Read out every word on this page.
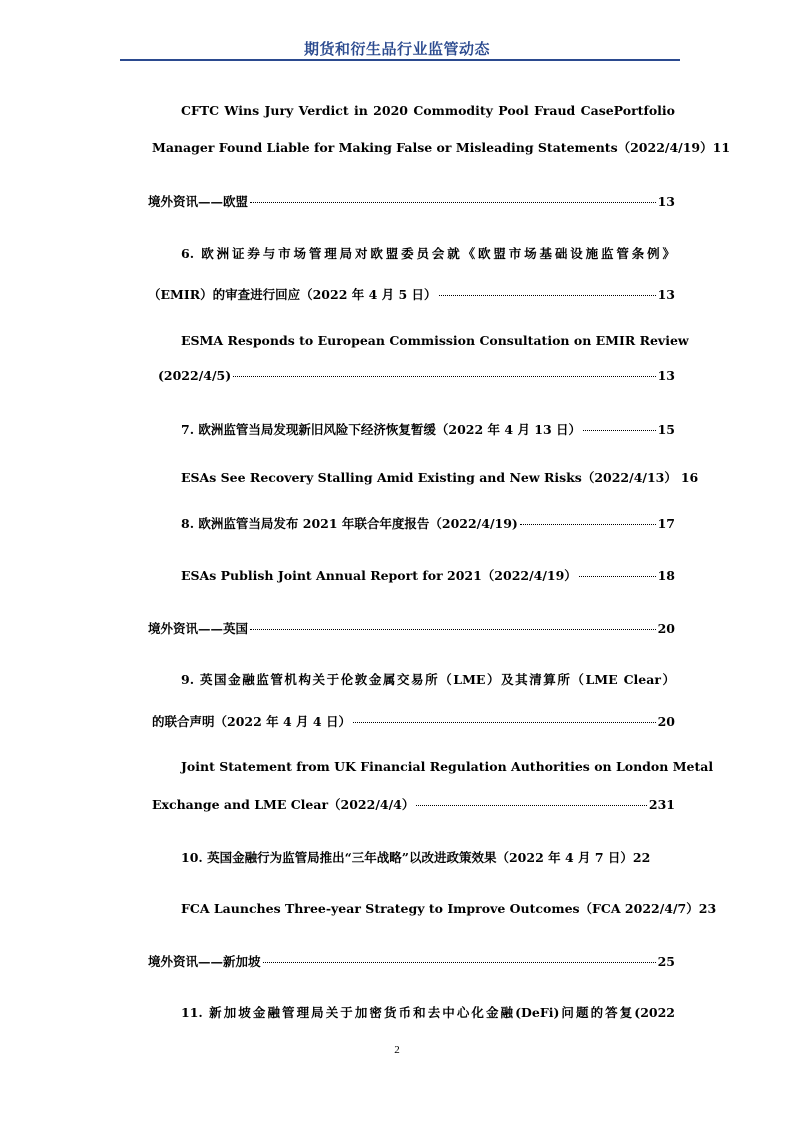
期货和衍生品行业监管动态
CFTC Wins Jury Verdict in 2020 Commodity Pool Fraud CasePortfolio
Manager Found Liable for Making False or Misleading Statements（2022/4/19）11
境外资讯——欧盟	13
6. 欧洲证券与市场管理局对欧盟委员会就《欧盟市场基础设施监管条例》
（EMIR）的审查进行回应（2022 年 4 月 5 日）	13
ESMA Responds to European Commission Consultation on EMIR Review
(2022/4/5)	13
7. 欧洲监管当局发现新旧风险下经济恢复暂缓（2022 年 4 月 13 日）	15
ESAs See Recovery Stalling Amid Existing and New Risks（2022/4/13） 16
8. 欧洲监管当局发布 2021 年联合年度报告（2022/4/19)	17
ESAs Publish Joint Annual Report for 2021（2022/4/19）	18
境外资讯——英国	20
9. 英国金融监管机构关于伦敦金属交易所（LME）及其清算所（LME Clear）
的联合声明（2022 年 4 月 4 日）	20
Joint Statement from UK Financial Regulation Authorities on London Metal
Exchange and LME Clear（2022/4/4）	231
10. 英国金融行为监管局推出“三年战略”以改进政策效果（2022 年 4 月 7 日）22
FCA Launches Three-year Strategy to Improve Outcomes（FCA 2022/4/7）23
境外资讯——新加坡	25
11. 新加坡金融管理局关于加密货币和去中心化金融(DeFi)问题的答复(2022
2
